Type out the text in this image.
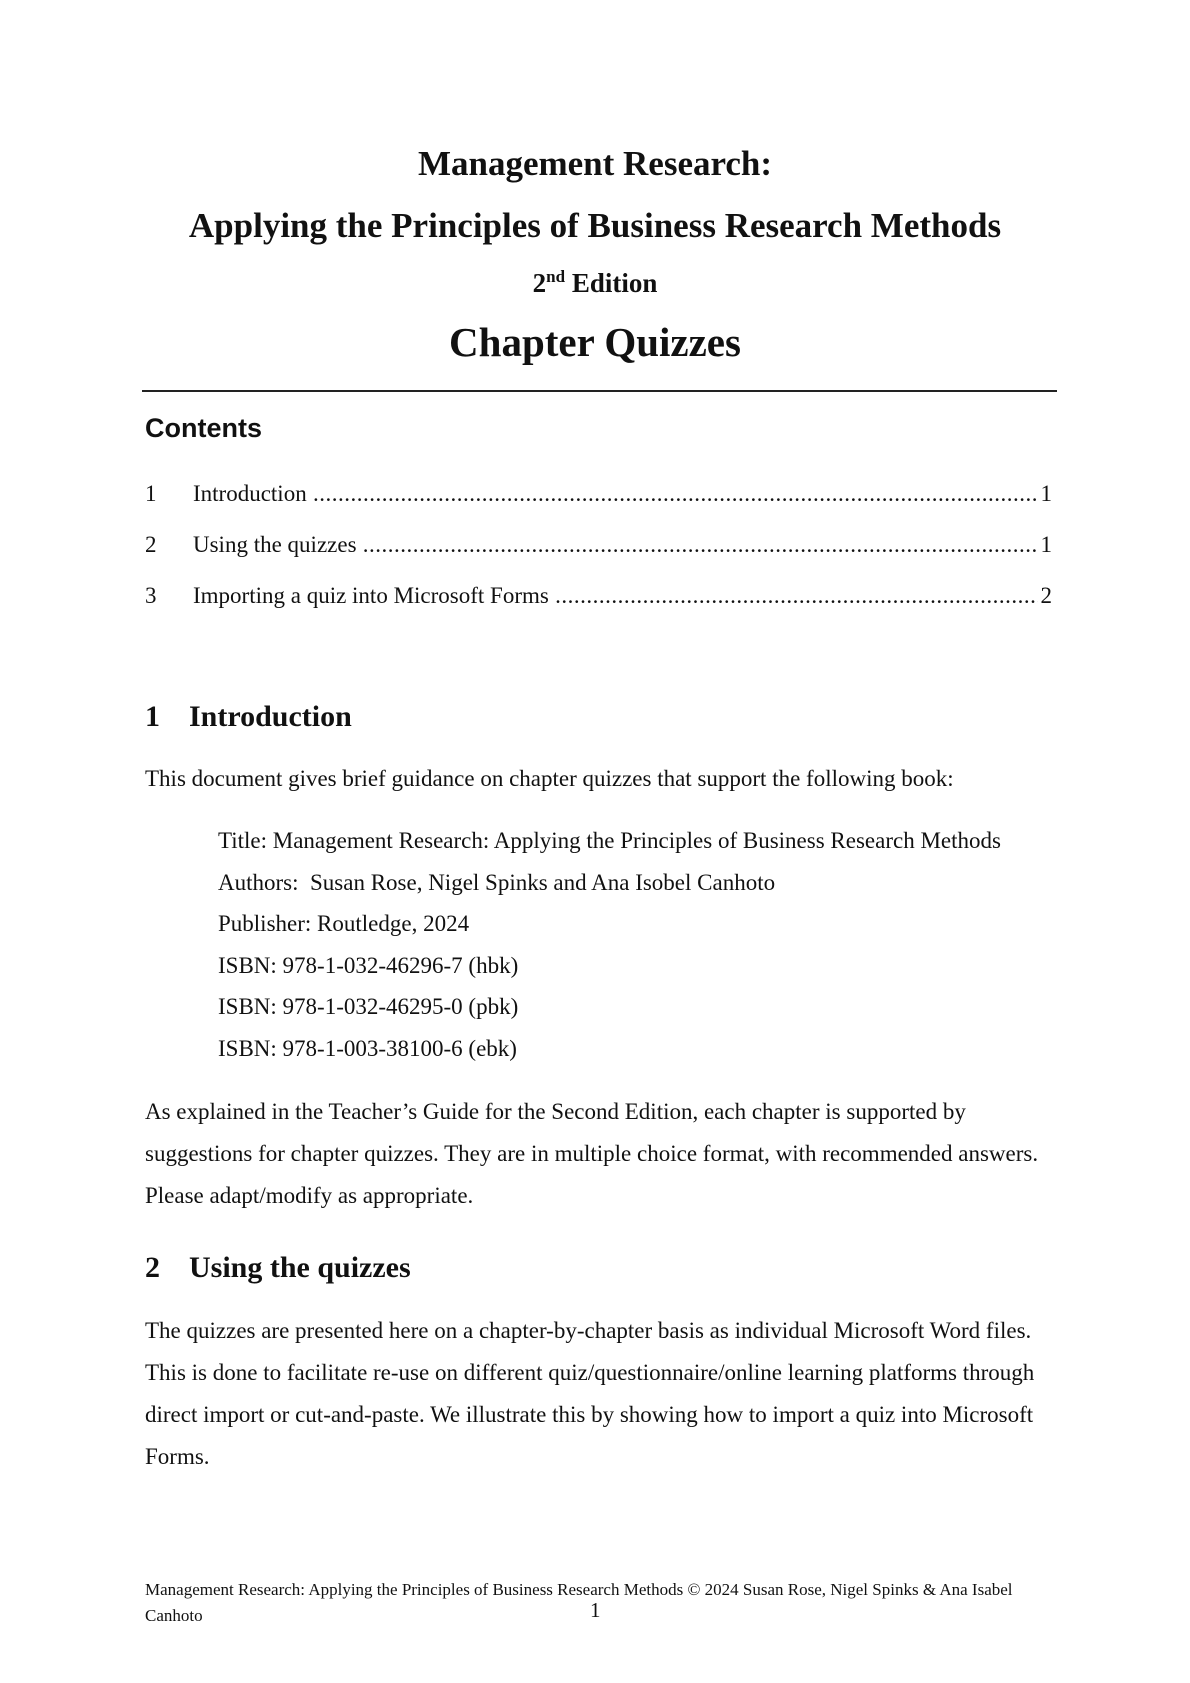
Management Research:
Applying the Principles of Business Research Methods
2nd Edition
Chapter Quizzes
Contents
1 Introduction .....	1
2 Using the quizzes .....	1
3 Importing a quiz into Microsoft Forms .....	2
1 Introduction
This document gives brief guidance on chapter quizzes that support the following book:
Title: Management Research: Applying the Principles of Business Research Methods
Authors:  Susan Rose, Nigel Spinks and Ana Isobel Canhoto
Publisher: Routledge, 2024
ISBN: 978-1-032-46296-7 (hbk)
ISBN: 978-1-032-46295-0 (pbk)
ISBN: 978-1-003-38100-6 (ebk)
As explained in the Teacher’s Guide for the Second Edition, each chapter is supported by suggestions for chapter quizzes. They are in multiple choice format, with recommended answers. Please adapt/modify as appropriate.
2 Using the quizzes
The quizzes are presented here on a chapter-by-chapter basis as individual Microsoft Word files. This is done to facilitate re-use on different quiz/questionnaire/online learning platforms through direct import or cut-and-paste. We illustrate this by showing how to import a quiz into Microsoft Forms.
Management Research: Applying the Principles of Business Research Methods © 2024 Susan Rose, Nigel Spinks & Ana Isabel Canhoto	1
